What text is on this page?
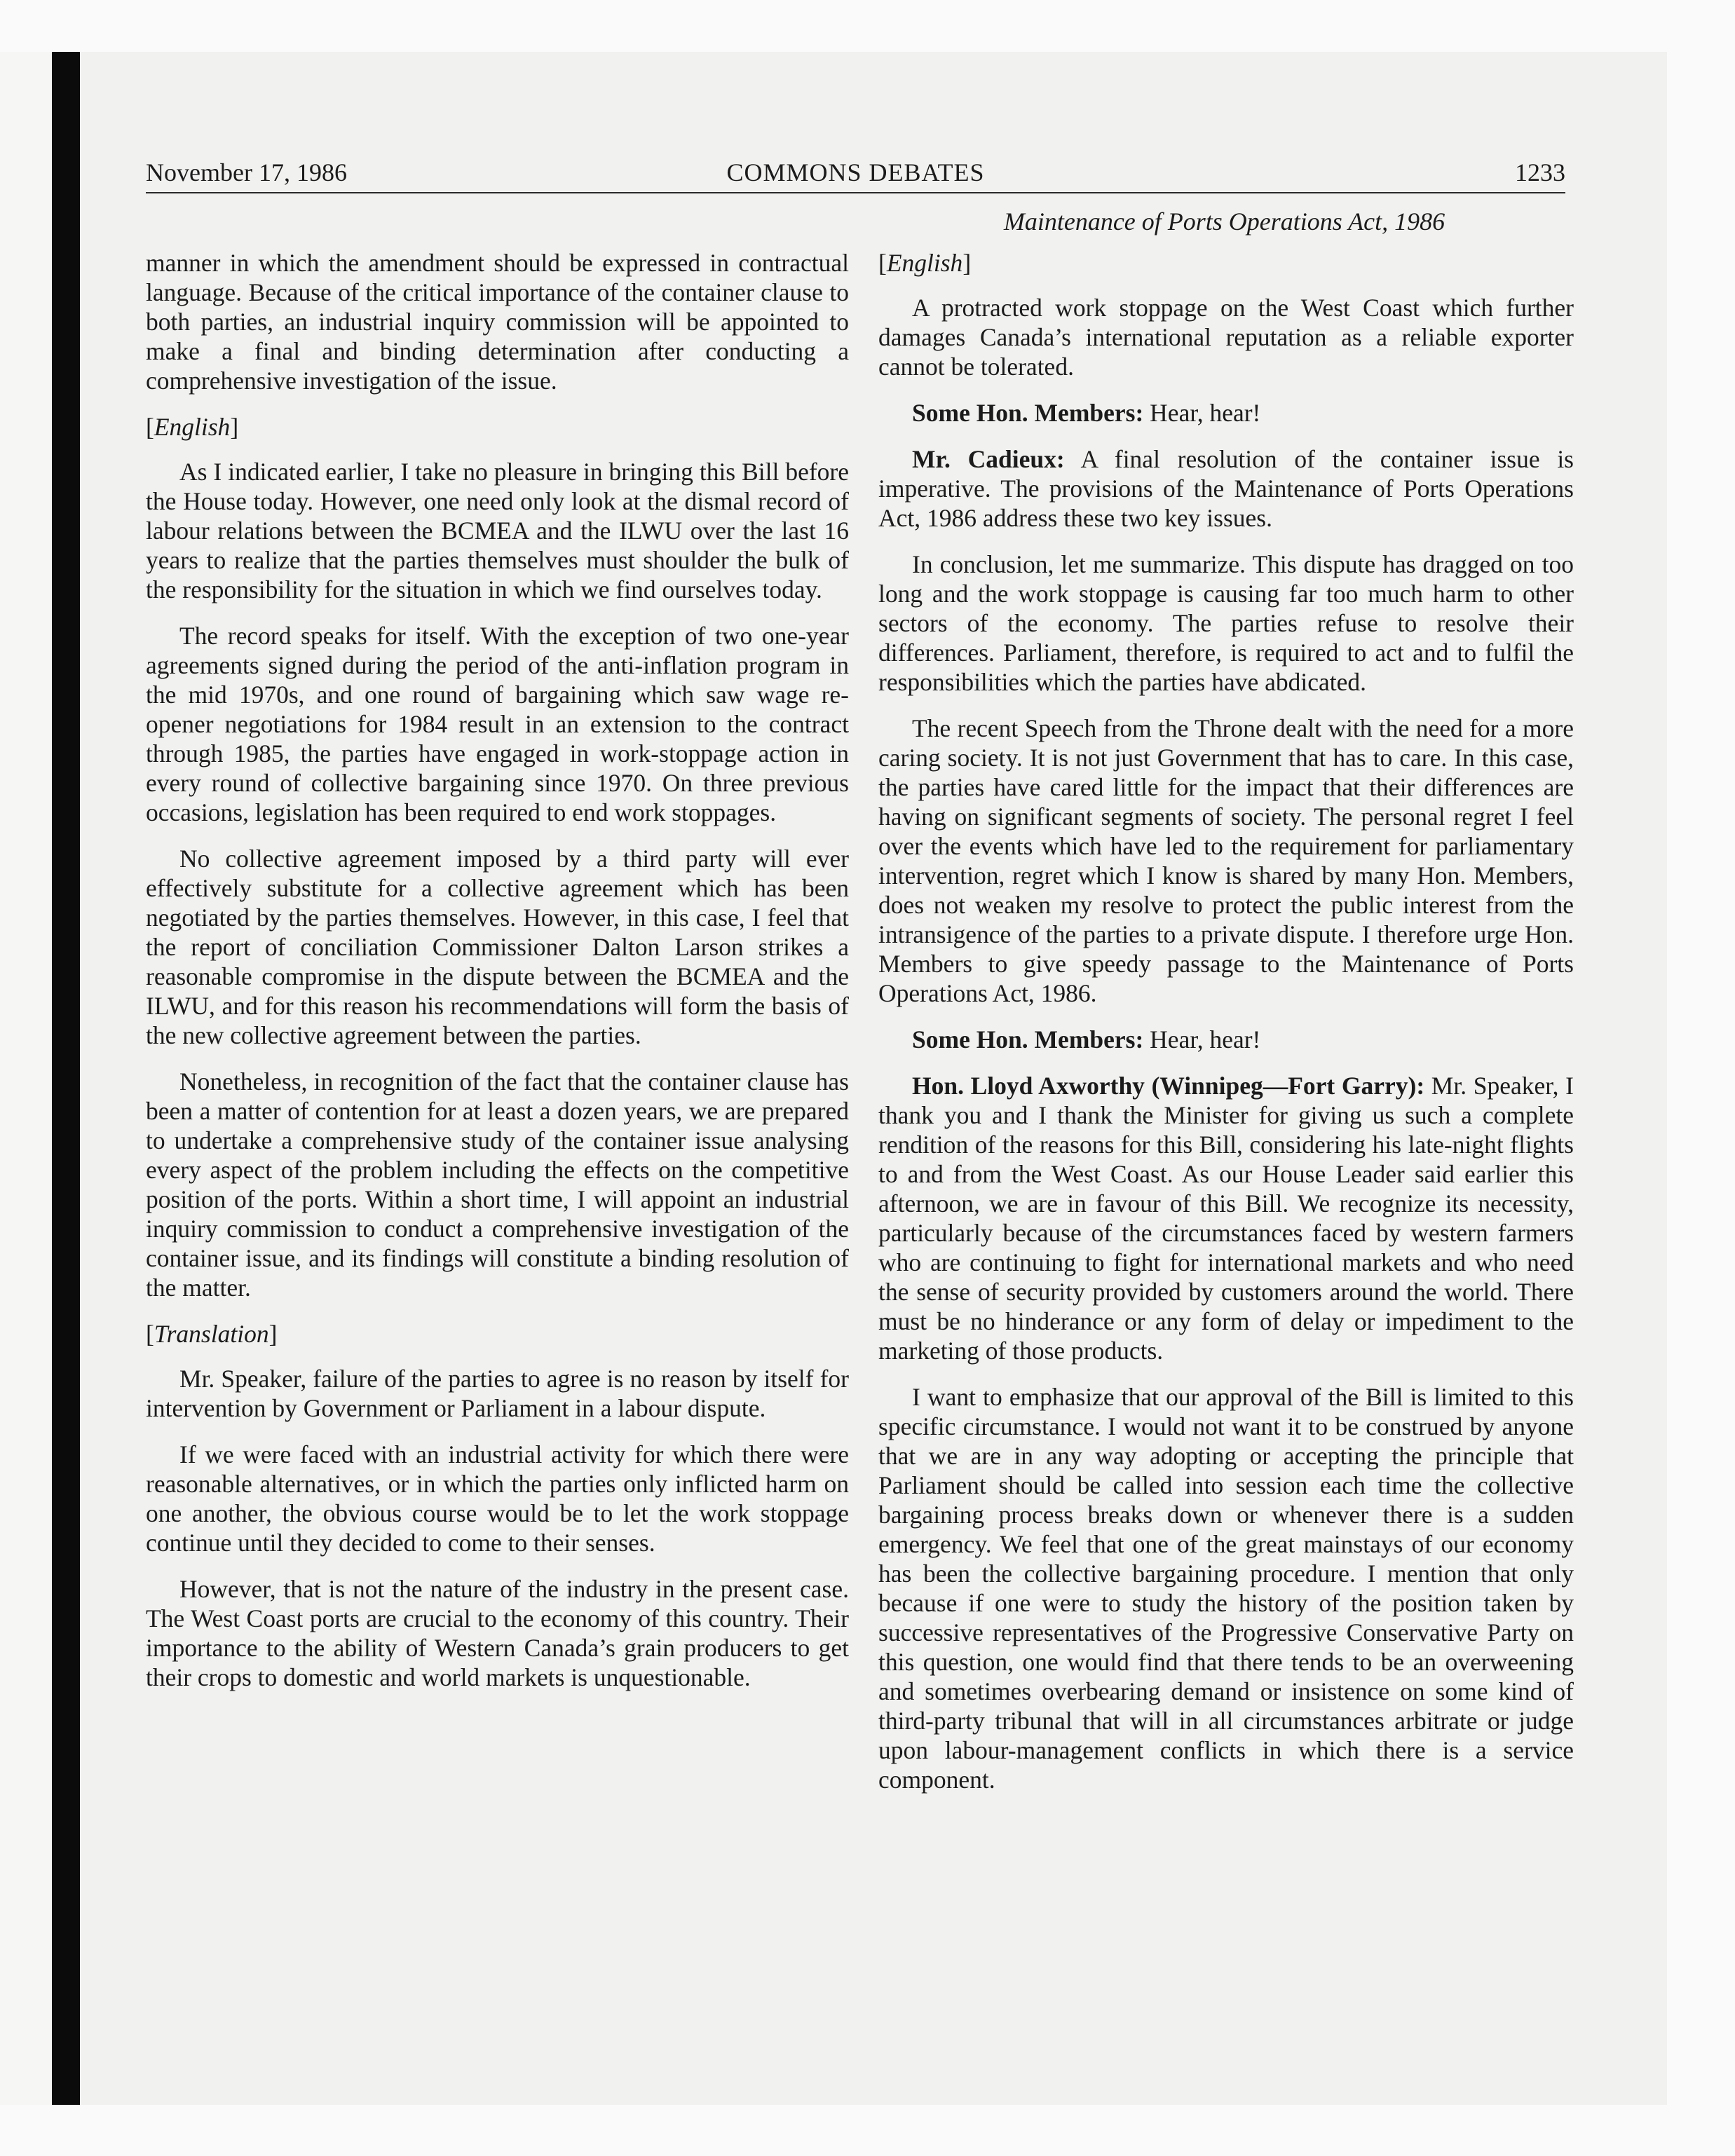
November 17, 1986	COMMONS DEBATES	1233
Maintenance of Ports Operations Act, 1986

manner in which the amendment should be expressed in contractual language. Because of the critical importance of the container clause to both parties, an industrial inquiry commission will be appointed to make a final and binding determination after conducting a comprehensive investigation of the issue.

[English]

As I indicated earlier, I take no pleasure in bringing this Bill before the House today. However, one need only look at the dismal record of labour relations between the BCMEA and the ILWU over the last 16 years to realize that the parties themselves must shoulder the bulk of the responsibility for the situation in which we find ourselves today.

The record speaks for itself. With the exception of two one-year agreements signed during the period of the anti-inflation program in the mid 1970s, and one round of bargaining which saw wage re-opener negotiations for 1984 result in an extension to the contract through 1985, the parties have engaged in work-stoppage action in every round of collective bargaining since 1970. On three previous occasions, legislation has been required to end work stoppages.

No collective agreement imposed by a third party will ever effectively substitute for a collective agreement which has been negotiated by the parties themselves. However, in this case, I feel that the report of conciliation Commissioner Dalton Larson strikes a reasonable compromise in the dispute between the BCMEA and the ILWU, and for this reason his recommendations will form the basis of the new collective agreement between the parties.

Nonetheless, in recognition of the fact that the container clause has been a matter of contention for at least a dozen years, we are prepared to undertake a comprehensive study of the container issue analysing every aspect of the problem including the effects on the competitive position of the ports. Within a short time, I will appoint an industrial inquiry commission to conduct a comprehensive investigation of the container issue, and its findings will constitute a binding resolution of the matter.

[Translation]

Mr. Speaker, failure of the parties to agree is no reason by itself for intervention by Government or Parliament in a labour dispute.

If we were faced with an industrial activity for which there were reasonable alternatives, or in which the parties only inflicted harm on one another, the obvious course would be to let the work stoppage continue until they decided to come to their senses.

However, that is not the nature of the industry in the present case. The West Coast ports are crucial to the economy of this country. Their importance to the ability of Western Canada’s grain producers to get their crops to domestic and world markets is unquestionable.

[English]

A protracted work stoppage on the West Coast which further damages Canada’s international reputation as a reliable exporter cannot be tolerated.

Some Hon. Members: Hear, hear!

Mr. Cadieux: A final resolution of the container issue is imperative. The provisions of the Maintenance of Ports Operations Act, 1986 address these two key issues.

In conclusion, let me summarize. This dispute has dragged on too long and the work stoppage is causing far too much harm to other sectors of the economy. The parties refuse to resolve their differences. Parliament, therefore, is required to act and to fulfil the responsibilities which the parties have abdicated.

The recent Speech from the Throne dealt with the need for a more caring society. It is not just Government that has to care. In this case, the parties have cared little for the impact that their differences are having on significant segments of society. The personal regret I feel over the events which have led to the requirement for parliamentary intervention, regret which I know is shared by many Hon. Members, does not weaken my resolve to protect the public interest from the intransigence of the parties to a private dispute. I therefore urge Hon. Members to give speedy passage to the Maintenance of Ports Operations Act, 1986.

Some Hon. Members: Hear, hear!

Hon. Lloyd Axworthy (Winnipeg—Fort Garry): Mr. Speaker, I thank you and I thank the Minister for giving us such a complete rendition of the reasons for this Bill, considering his late-night flights to and from the West Coast. As our House Leader said earlier this afternoon, we are in favour of this Bill. We recognize its necessity, particularly because of the circumstances faced by western farmers who are continuing to fight for international markets and who need the sense of security provided by customers around the world. There must be no hinderance or any form of delay or impediment to the marketing of those products.

I want to emphasize that our approval of the Bill is limited to this specific circumstance. I would not want it to be construed by anyone that we are in any way adopting or accepting the principle that Parliament should be called into session each time the collective bargaining process breaks down or whenever there is a sudden emergency. We feel that one of the great mainstays of our economy has been the collective bargaining procedure. I mention that only because if one were to study the history of the position taken by successive representatives of the Progressive Conservative Party on this question, one would find that there tends to be an overweening and sometimes overbearing demand or insistence on some kind of third-party tribunal that will in all circumstances arbitrate or judge upon labour-management conflicts in which there is a service component.
